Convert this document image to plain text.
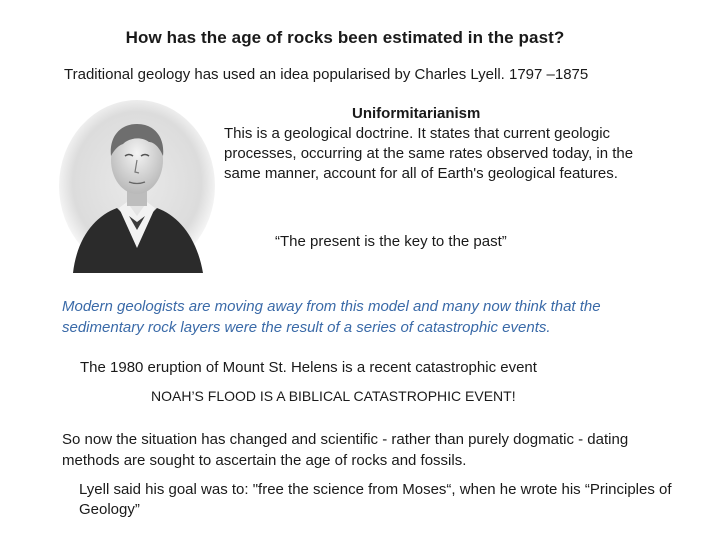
How has the age of rocks been estimated in the past?
Traditional geology has used an idea popularised by Charles Lyell. 1797 –1875
Uniformitarianism
This is a geological doctrine. It states that current geologic processes, occurring at the same rates observed today, in the same manner, account for all of Earth's geological features.
“The present is the key to the past”
Modern geologists are moving away from this model and many now think that the sedimentary rock layers were the result of a series of catastrophic events.
The 1980 eruption of Mount St. Helens is a recent catastrophic event
NOAH’S FLOOD IS A BIBLICAL CATASTROPHIC EVENT!
So now the situation has changed and scientific - rather than purely dogmatic - dating methods are sought to ascertain the age of rocks and fossils.
Lyell said his goal was to: "free the science from Moses“, when he wrote his “Principles of Geology”
